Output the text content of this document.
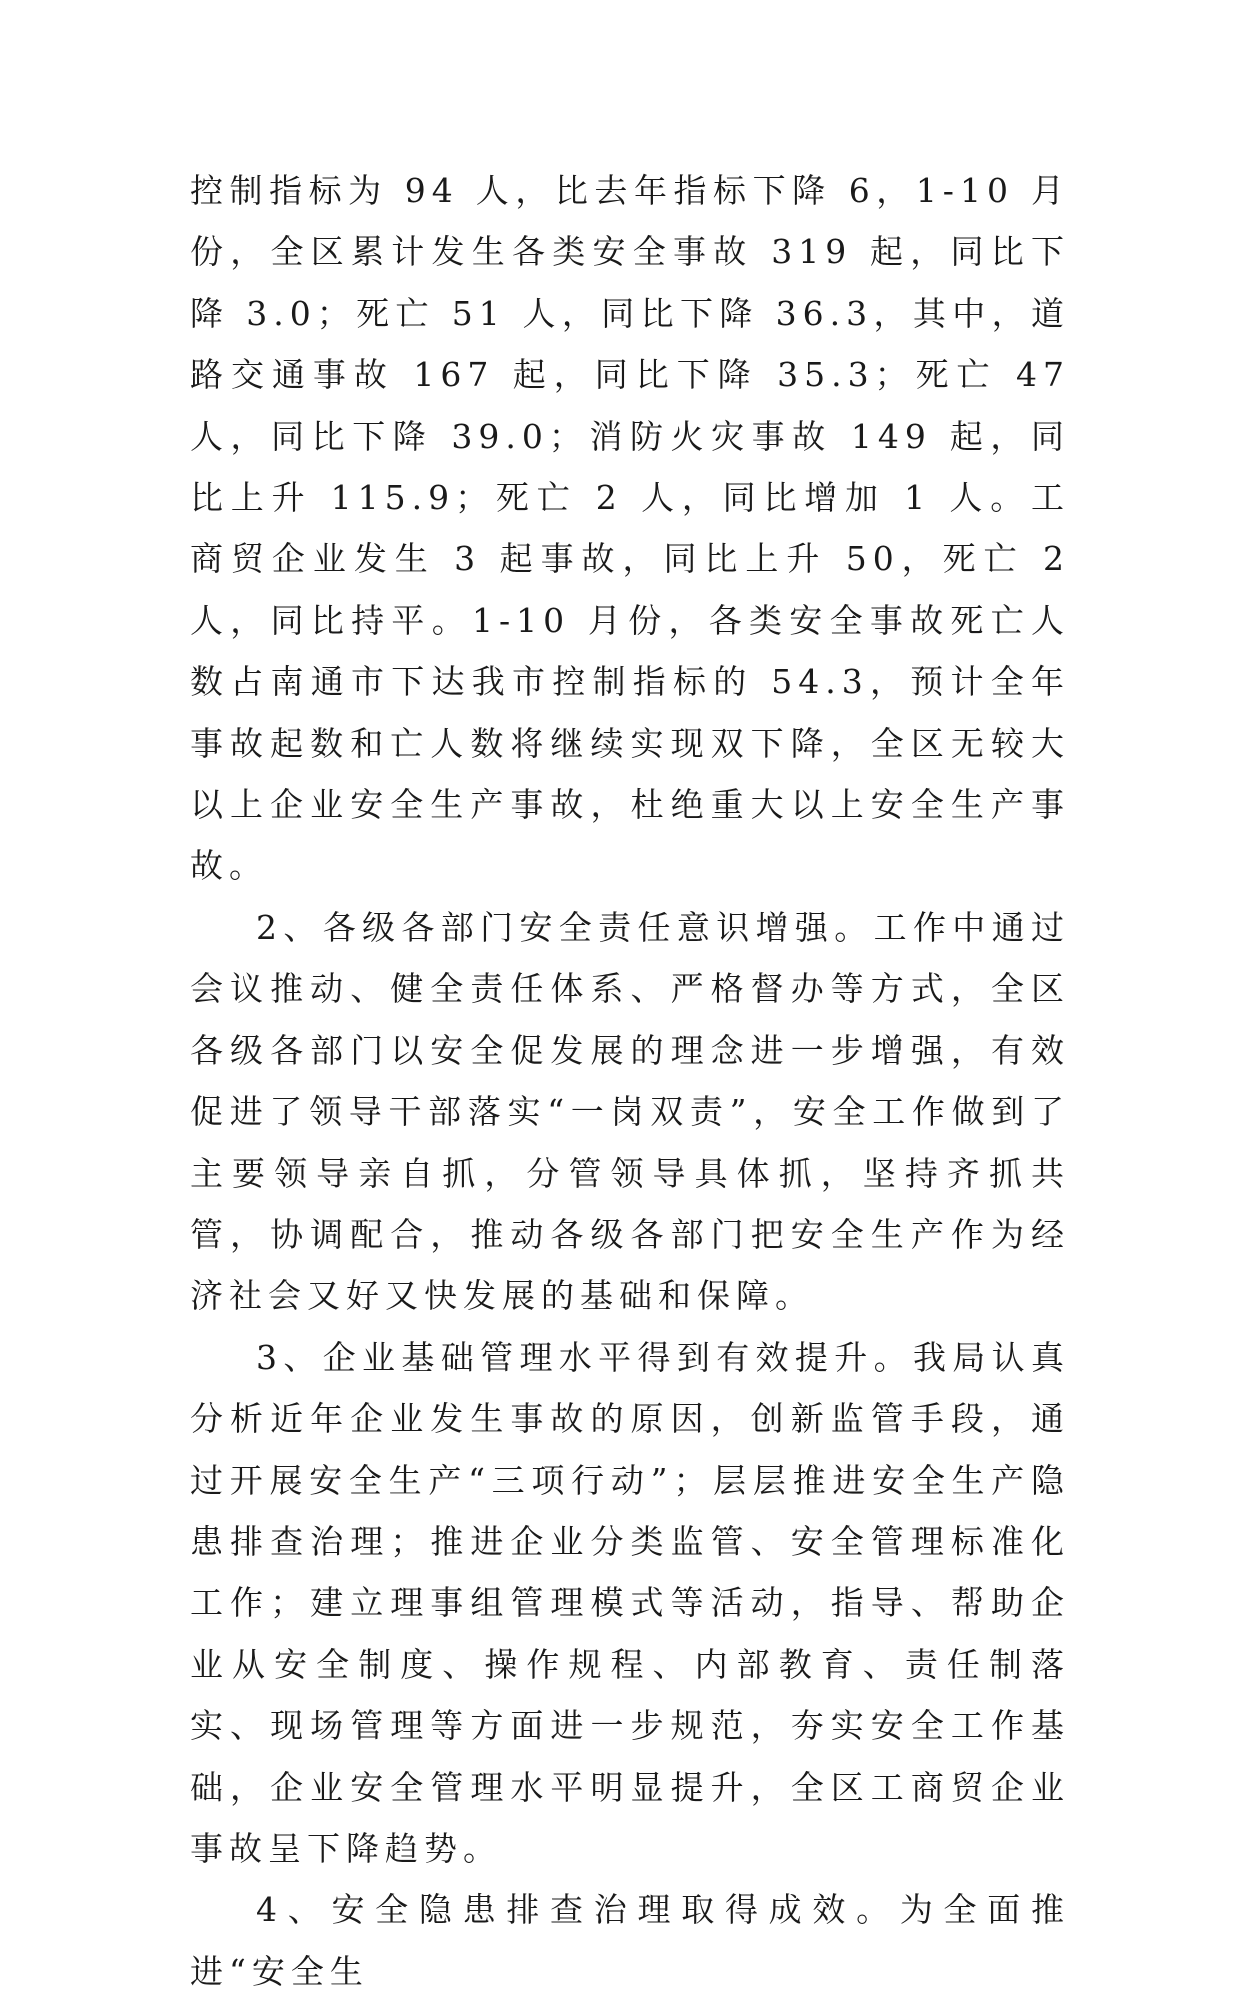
控制指标为 94 人，比去年指标下降 6，1-10 月份，全区累计发生各类安全事故 319 起，同比下降 3.0；死亡 51 人，同比下降 36.3，其中，道路交通事故 167 起，同比下降 35.3；死亡 47 人，同比下降 39.0；消防火灾事故 149 起，同比上升 115.9；死亡 2 人，同比增加 1 人。工商贸企业发生 3 起事故，同比上升 50，死亡 2 人，同比持平。1-10 月份，各类安全事故死亡人数占南通市下达我市控制指标的 54.3，预计全年事故起数和亡人数将继续实现双下降，全区无较大以上企业安全生产事故，杜绝重大以上安全生产事故。

2、各级各部门安全责任意识增强。工作中通过会议推动、健全责任体系、严格督办等方式，全区各级各部门以安全促发展的理念进一步增强，有效促进了领导干部落实“一岗双责”，安全工作做到了主要领导亲自抓，分管领导具体抓，坚持齐抓共管，协调配合，推动各级各部门把安全生产作为经济社会又好又快发展的基础和保障。

3、企业基础管理水平得到有效提升。我局认真分析近年企业发生事故的原因，创新监管手段，通过开展安全生产“三项行动”；层层推进安全生产隐患排查治理；推进企业分类监管、安全管理标准化工作；建立理事组管理模式等活动，指导、帮助企业从安全制度、操作规程、内部教育、责任制落实、现场管理等方面进一步规范，夯实安全工作基础，企业安全管理水平明显提升，全区工商贸企业事故呈下降趋势。

4、安全隐患排查治理取得成效。为全面推进“安全生
